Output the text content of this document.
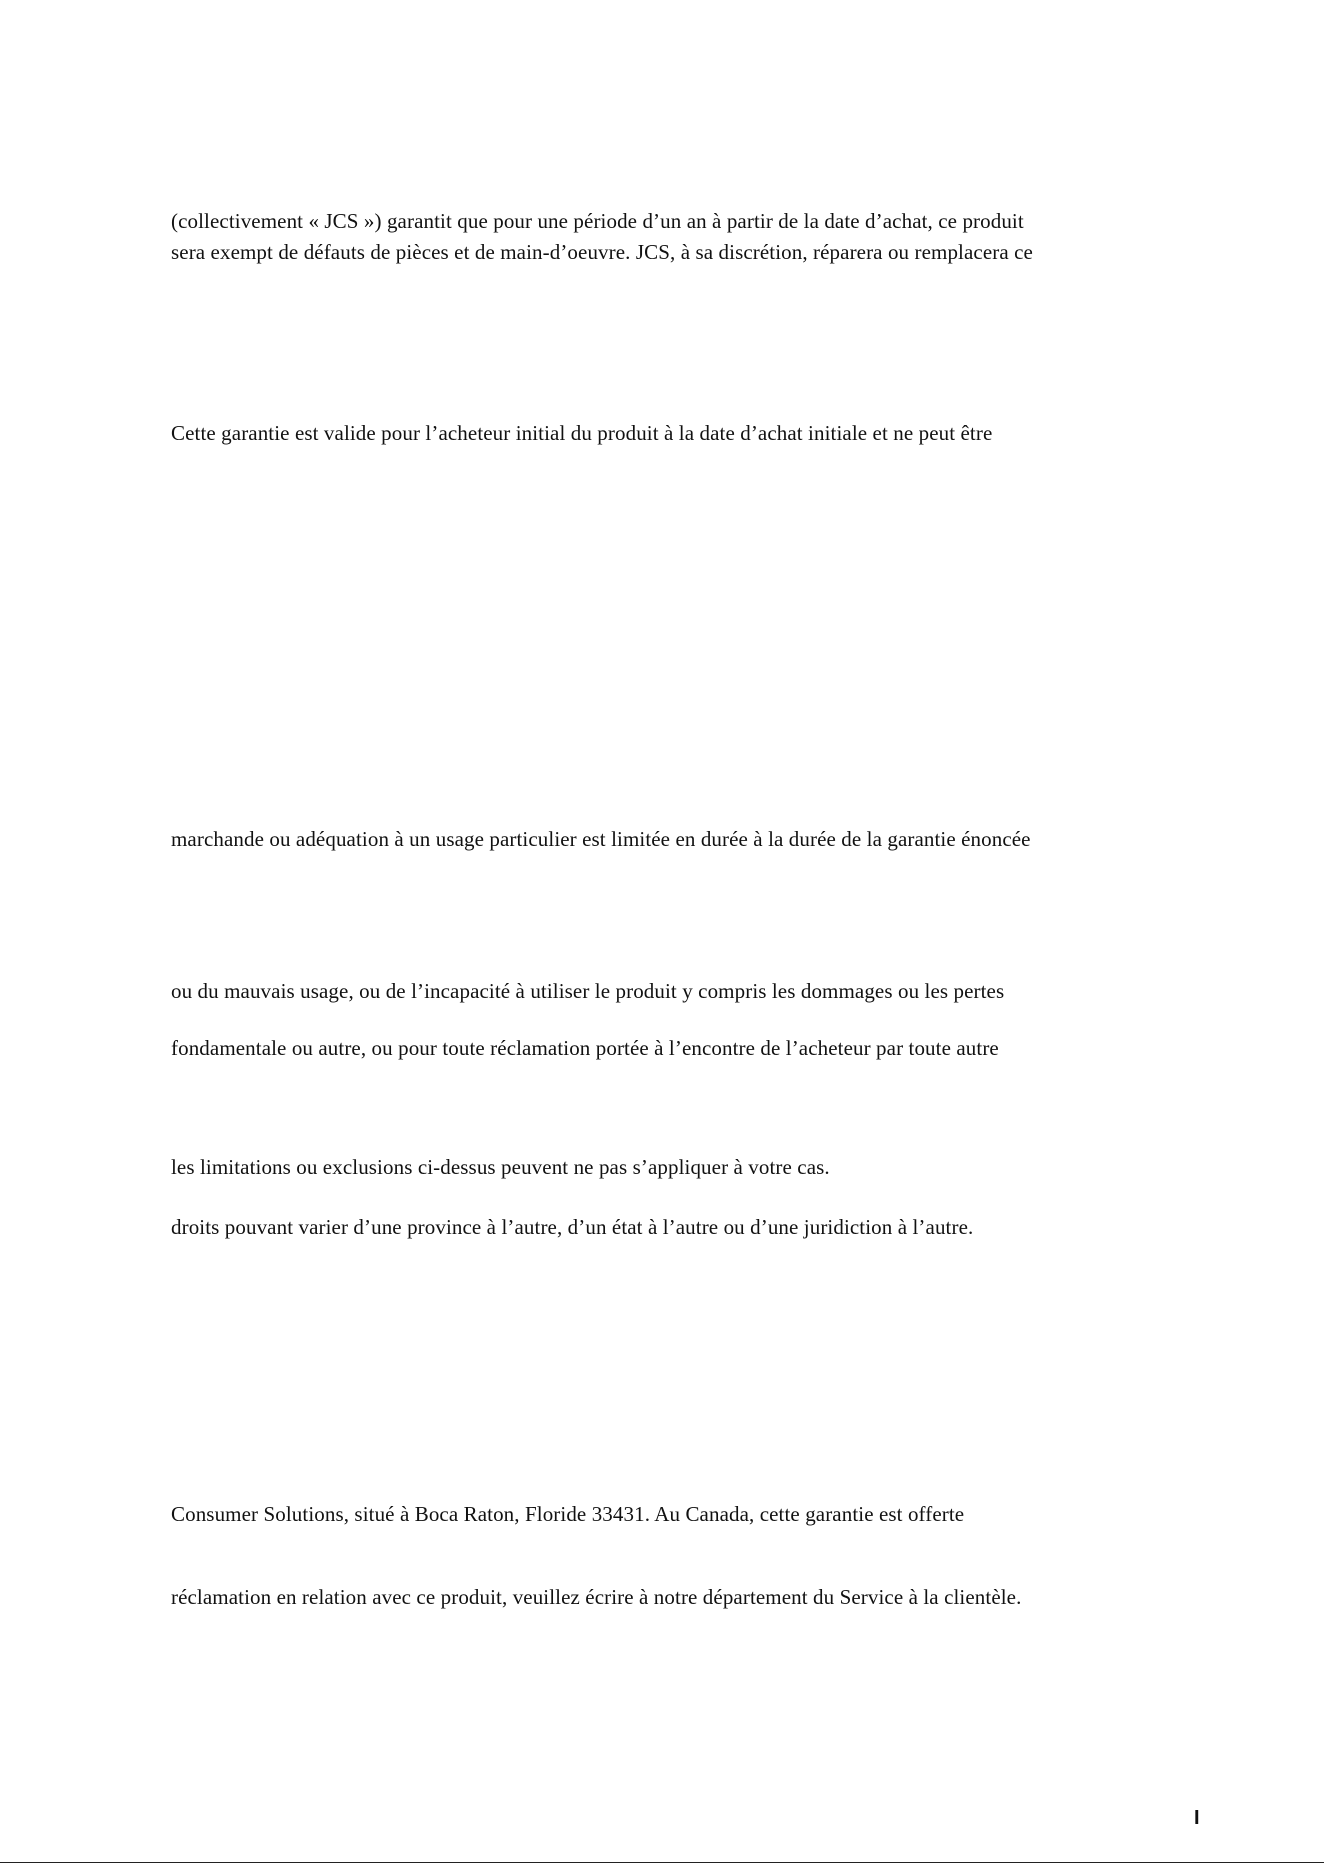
(collectivement « JCS ») garantit que pour une période d’un an à partir de la date d’achat, ce produit
sera exempt de défauts de pièces et de main-d’oeuvre. JCS, à sa discrétion, réparera ou remplacera ce
Cette garantie est valide pour l’acheteur initial du produit à la date d’achat initiale et ne peut être
marchande ou adéquation à un usage particulier est limitée en durée à la durée de la garantie énoncée
ou du mauvais usage, ou de l’incapacité à utiliser le produit y compris les dommages ou les pertes
fondamentale ou autre, ou pour toute réclamation portée à l’encontre de l’acheteur par toute autre
les limitations ou exclusions ci-dessus peuvent ne pas s’appliquer à votre cas.
droits pouvant varier d’une province à l’autre, d’un état à l’autre ou d’une juridiction à l’autre.
Consumer Solutions, situé à Boca Raton, Floride 33431. Au Canada, cette garantie est offerte
réclamation en relation avec ce produit, veuillez écrire à notre département du Service à la clientèle.
I
